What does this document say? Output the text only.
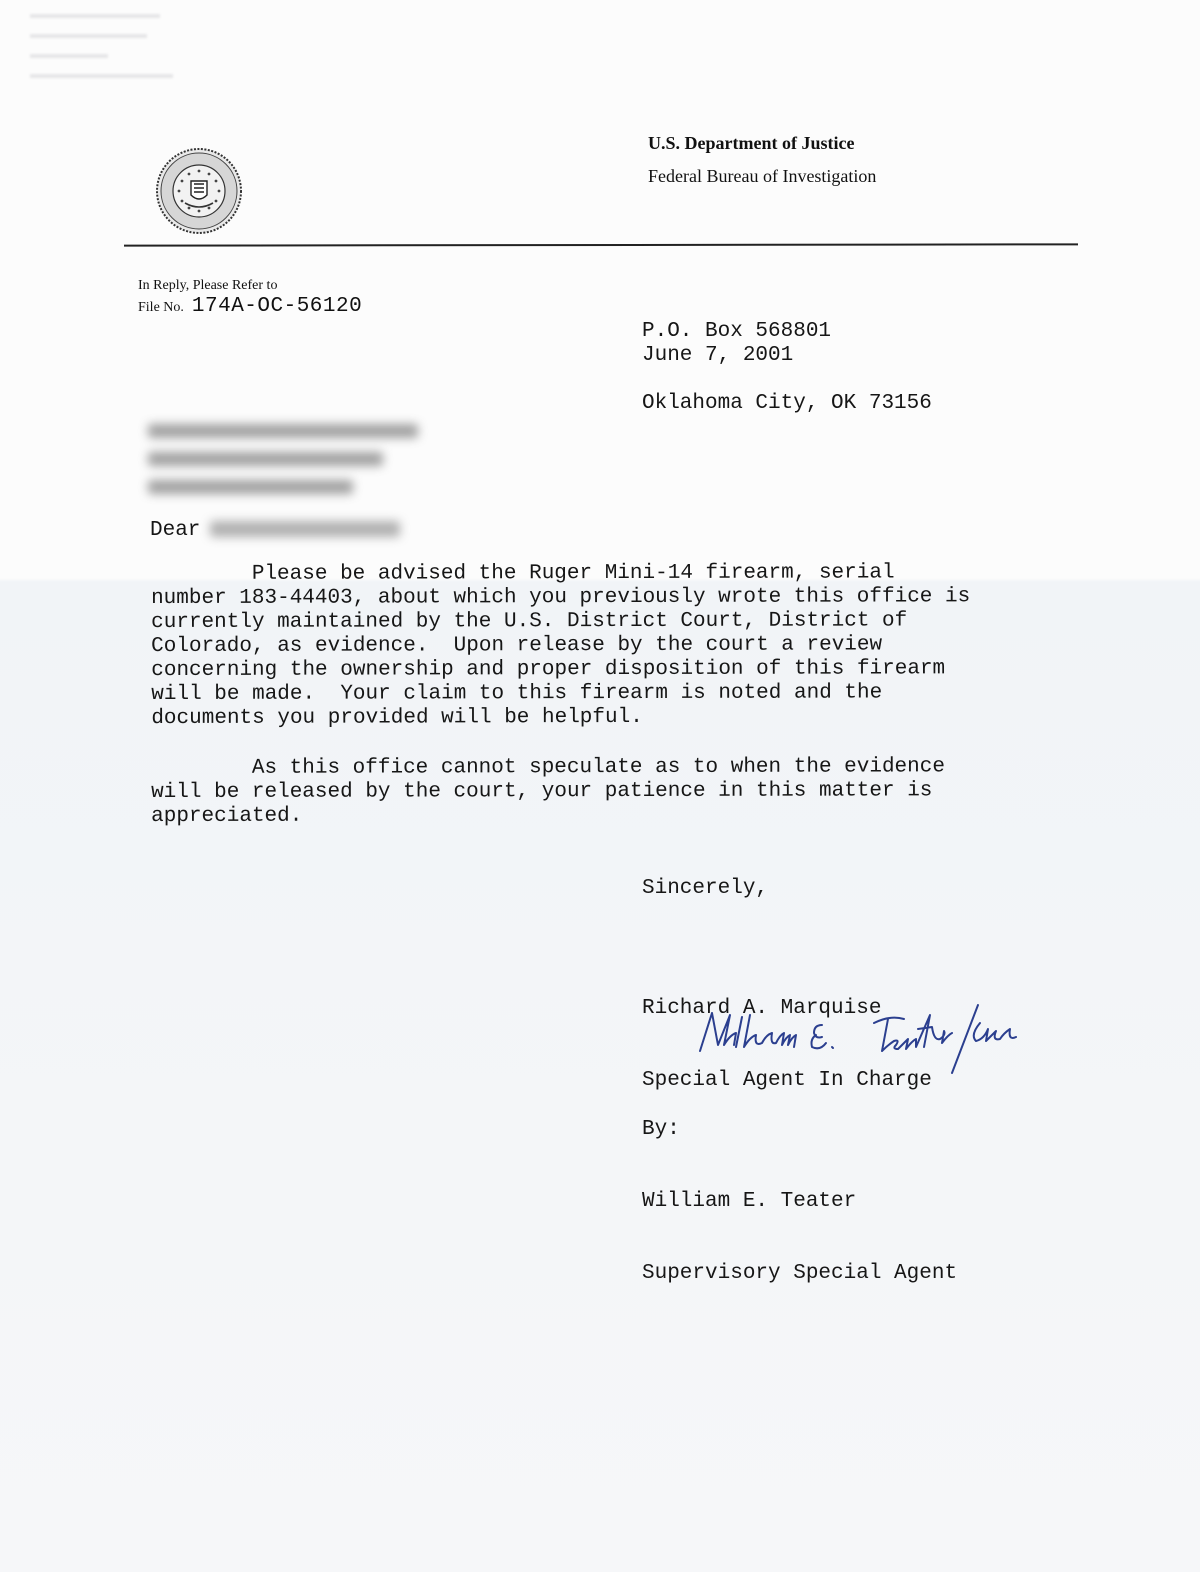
▬▬▬▬▬▬▬▬▬▬
▬▬▬▬▬▬▬▬▬
▬▬▬▬▬▬
▬▬▬▬▬▬▬▬▬▬▬
DEPARTMENT OF JUSTICE FEDERAL BUREAU OF INVESTIGATION

U.S. Department of Justice

Federal Bureau of Investigation

In Reply, Please Refer to
File No. 174A-OC-56120

P.O. Box 568801

Oklahoma City, OK 73156

June 7, 2001
Dear
Please be advised the Ruger Mini-14 firearm, serial
number 183-44403, about which you previously wrote this office is
currently maintained by the U.S. District Court, District of
Colorado, as evidence.  Upon release by the court a review
concerning the ownership and proper disposition of this firearm
will be made.  Your claim to this firearm is noted and the
documents you provided will be helpful.
As this office cannot speculate as to when the evidence
will be released by the court, your patience in this matter is
appreciated.
Sincerely,

Richard A. Marquise

Special Agent In Charge

By:

William E. Teater

Supervisory Special Agent
